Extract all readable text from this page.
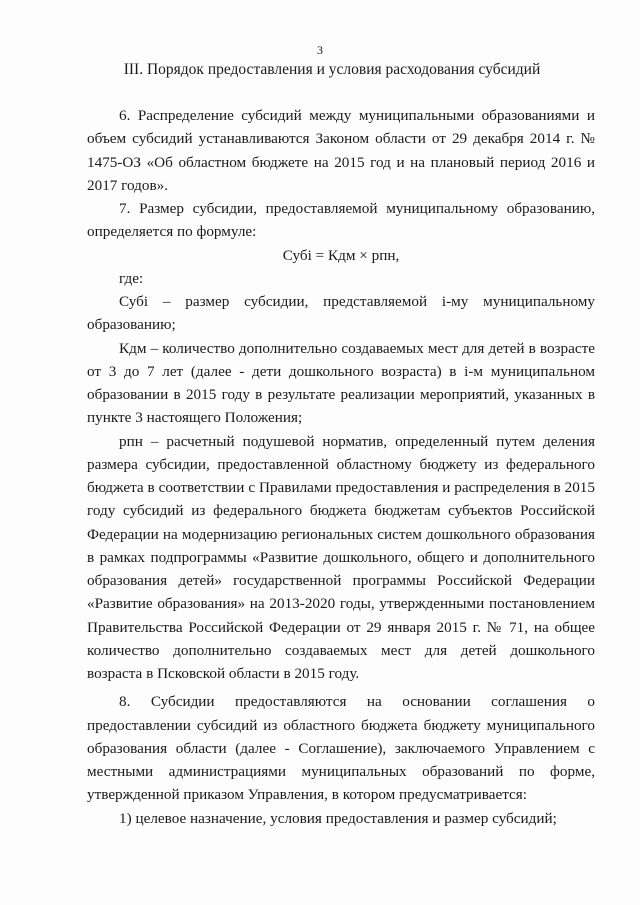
3
III. Порядок предоставления и условия расходования субсидий

6. Распределение субсидий между муниципальными образованиями и объем субсидий устанавливаются Законом области от 29 декабря 2014 г. № 1475-ОЗ «Об областном бюджете на 2015 год и на плановый период 2016 и 2017 годов».

7. Размер субсидии, предоставляемой муниципальному образованию, определяется по формуле:

Субi = Кдм × рпн,

где:

Субi – размер субсидии, представляемой i-му муниципальному образованию;

Кдм – количество дополнительно создаваемых мест для детей в возрасте от 3 до 7 лет (далее - дети дошкольного возраста) в i-м муниципальном образовании в 2015 году в результате реализации мероприятий, указанных в пункте 3 настоящего Положения;

рпн – расчетный подушевой норматив, определенный путем деления размера субсидии, предоставленной областному бюджету из федерального бюджета в соответствии с Правилами предоставления и распределения в 2015 году субсидий из федерального бюджета бюджетам субъектов Российской Федерации на модернизацию региональных систем дошкольного образования в рамках подпрограммы «Развитие дошкольного, общего и дополнительного образования детей» государственной программы Российской Федерации «Развитие образования» на 2013-2020 годы, утвержденными постановлением Правительства Российской Федерации от 29 января 2015 г. № 71, на общее количество дополнительно создаваемых мест для детей дошкольного возраста в Псковской области в 2015 году.

8. Субсидии предоставляются на основании соглашения о предоставлении субсидий из областного бюджета бюджету муниципального образования области (далее - Соглашение), заключаемого Управлением с местными администрациями муниципальных образований по форме, утвержденной приказом Управления, в котором предусматривается:

1) целевое назначение, условия предоставления и размер субсидий;
